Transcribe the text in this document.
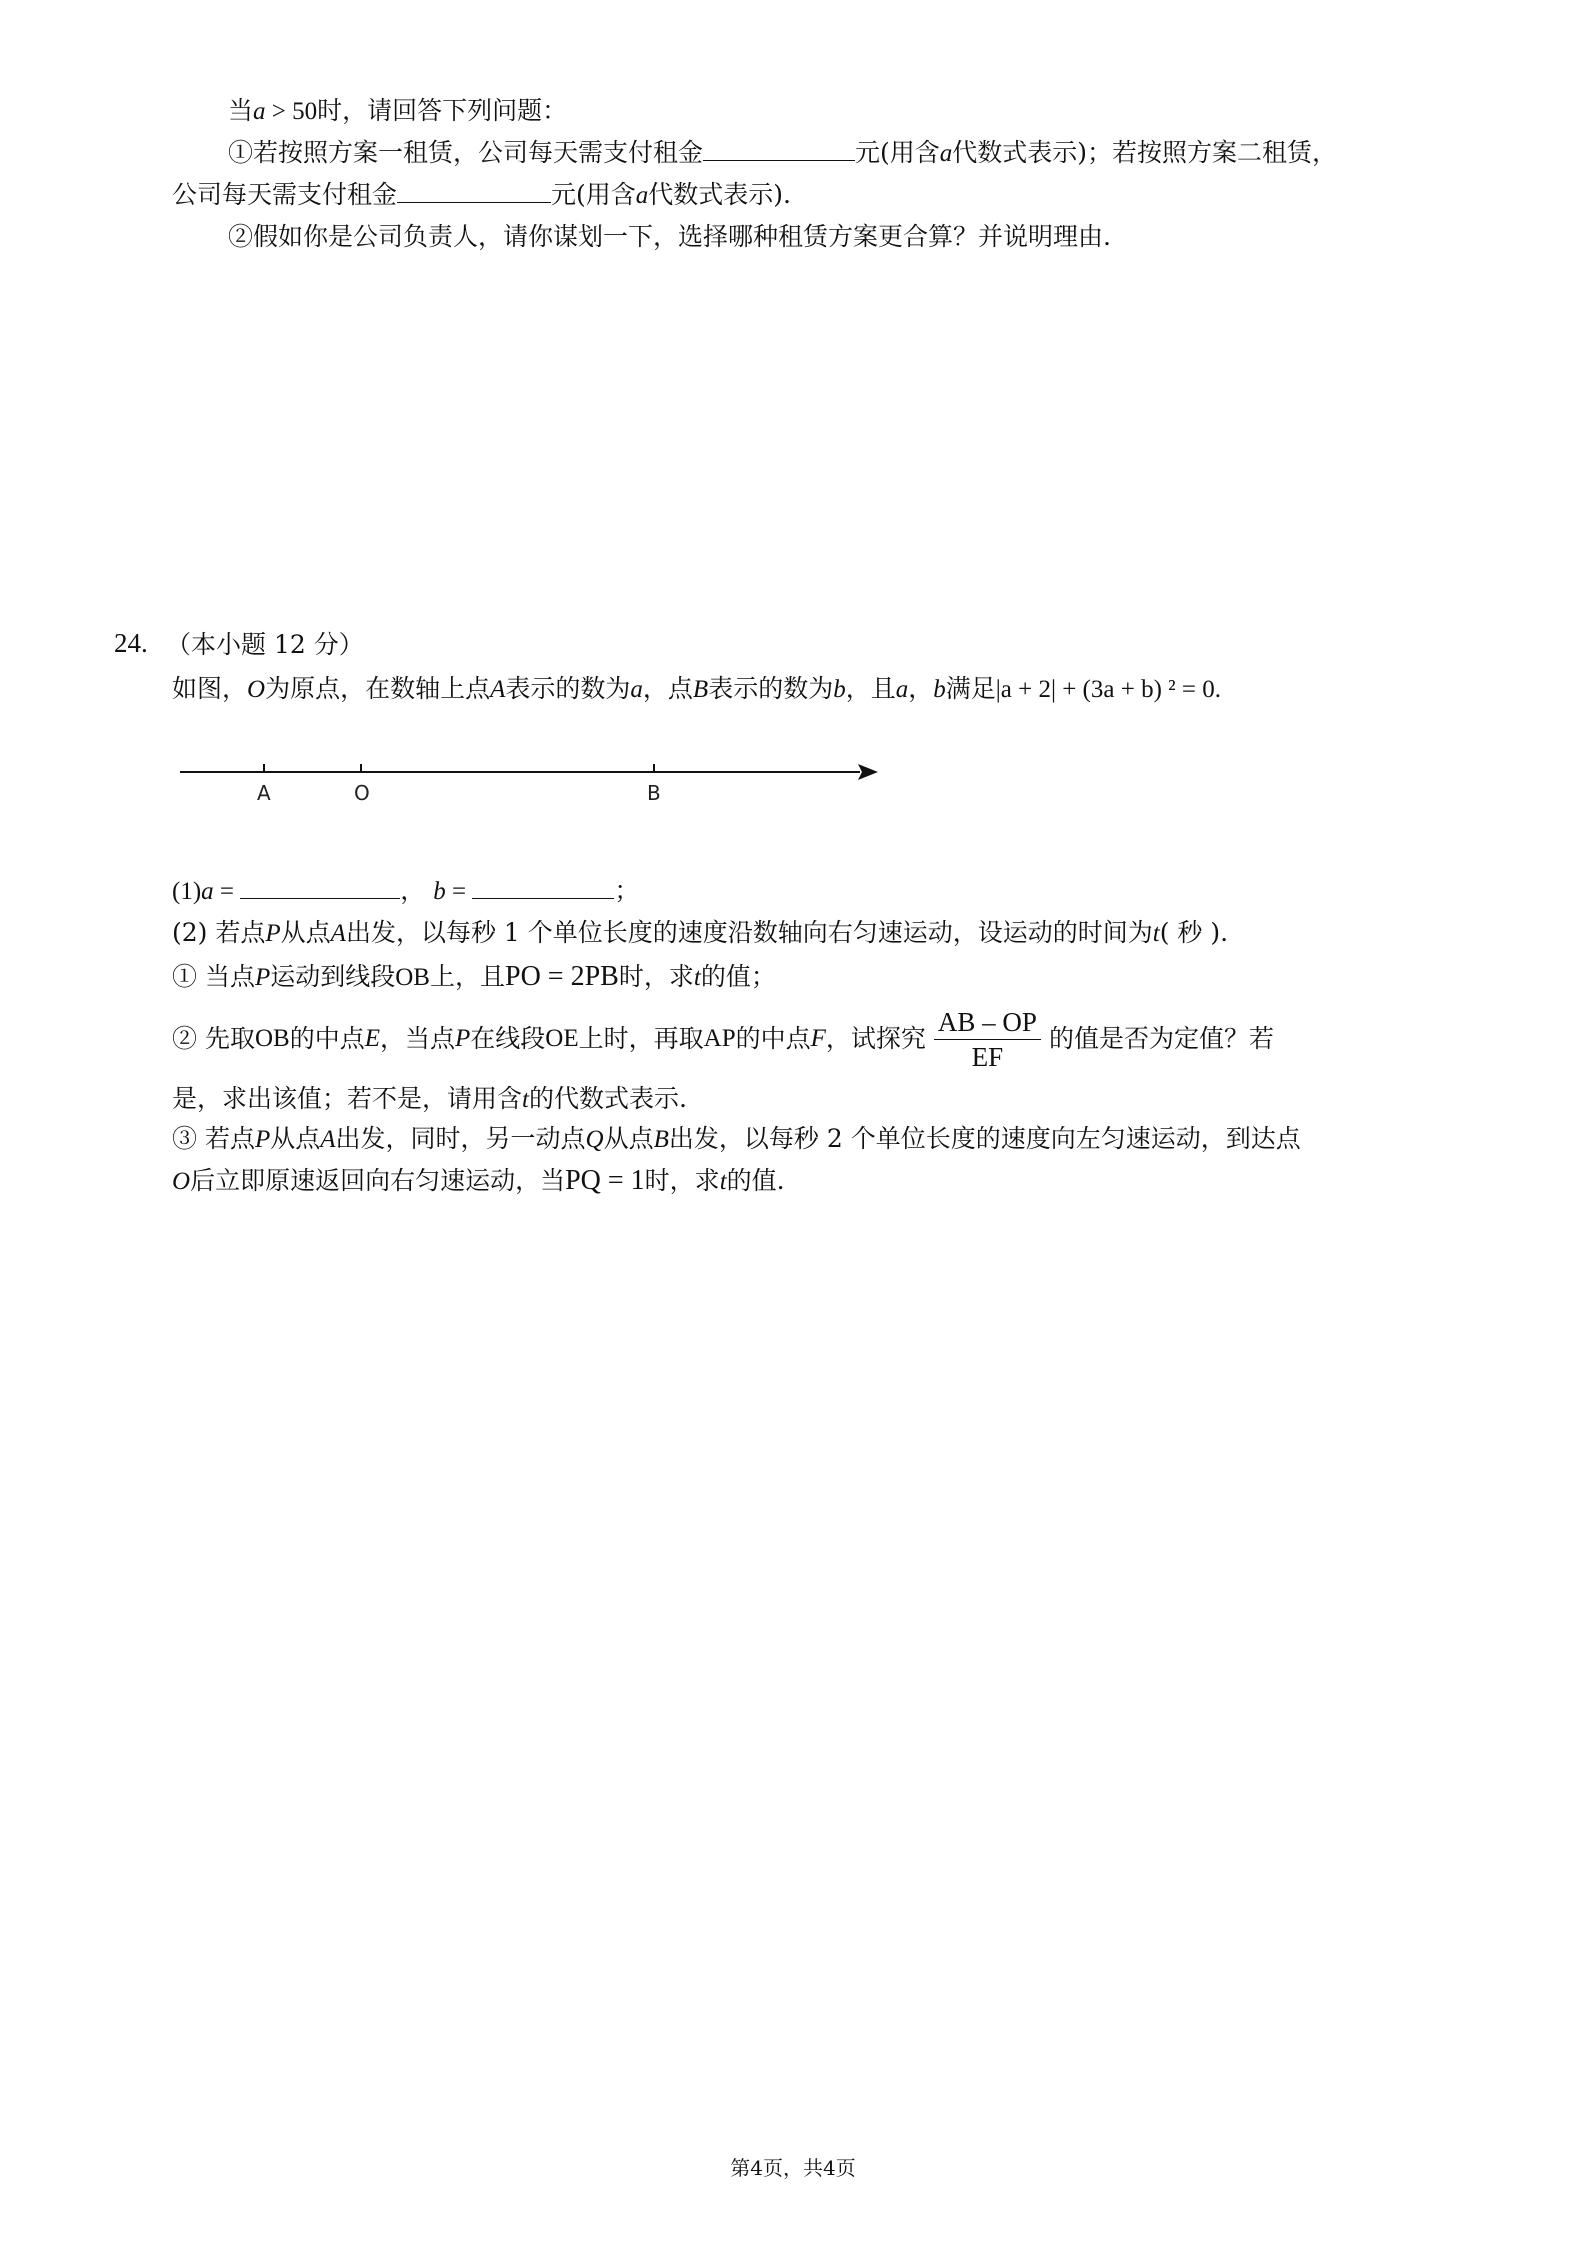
当a > 50时，请回答下列问题：
①若按照方案一租赁，公司每天需支付租金	元(用含a代数式表示)；若按照方案二租赁，
公司每天需支付租金	元(用含a代数式表示).
②假如你是公司负责人，请你谋划一下，选择哪种租赁方案更合算？并说明理由.
24. （本小题 12 分）
如图，O为原点，在数轴上点A表示的数为a，点B表示的数为b，且a，b满足|a + 2| + (3a + b) ² = 0.
A	O	B
(1)a =	， b =	；
(2) 若点P从点A出发，以每秒 1 个单位长度的速度沿数轴向右匀速运动，设运动的时间为t( 秒 ).
① 当点P运动到线段OB上，且PO = 2PB时，求t的值；
② 先取 OB 的中点 E ，当点 P 在线段 OE 上时，再取 AP 的中点 F ，试探究 $\frac{AB - OP}{EF}$ 的值是否为定值？若
是，求出该值；若不是，请用含t的代数式表示.
③ 若点P从点A出发，同时，另一动点Q从点B出发，以每秒 2 个单位长度的速度向左匀速运动，到达点
O后立即原速返回向右匀速运动，当PQ = 1时，求t的值.
第4页，共4页
